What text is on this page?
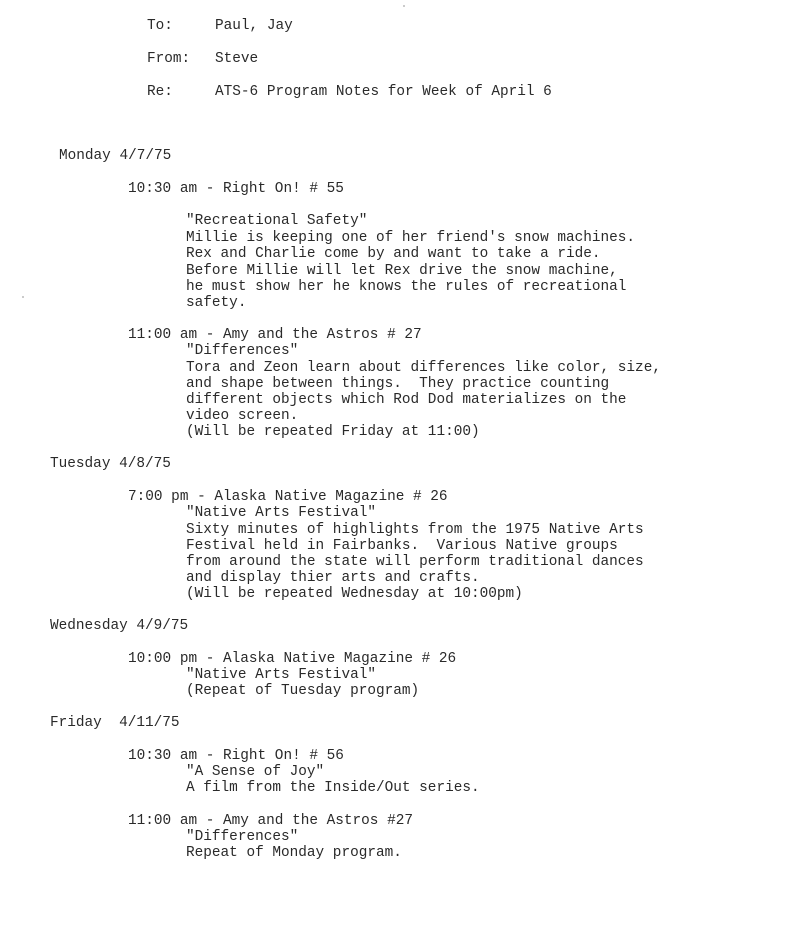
To:	Paul, Jay
From: Steve
Re:	ATS-6 Program Notes for Week of April 6
Monday 4/7/75
10:30 am - Right On! # 55
"Recreational Safety"
Millie is keeping one of her friend's snow machines.
Rex and Charlie come by and want to take a ride.
Before Millie will let Rex drive the snow machine,
he must show her he knows the rules of recreational
safety.
11:00 am - Amy and the Astros # 27
"Differences"
Tora and Zeon learn about differences like color, size,
and shape between things.  They practice counting
different objects which Rod Dod materializes on the
video screen.
(Will be repeated Friday at 11:00)
Tuesday 4/8/75
7:00 pm - Alaska Native Magazine # 26
"Native Arts Festival"
Sixty minutes of highlights from the 1975 Native Arts
Festival held in Fairbanks.  Various Native groups
from around the state will perform traditional dances
and display thier arts and crafts.
(Will be repeated Wednesday at 10:00pm)
Wednesday 4/9/75
10:00 pm - Alaska Native Magazine # 26
"Native Arts Festival"
(Repeat of Tuesday program)
Friday  4/11/75
10:30 am - Right On! # 56
"A Sense of Joy"
A film from the Inside/Out series.
11:00 am - Amy and the Astros #27
"Differences"
Repeat of Monday program.
